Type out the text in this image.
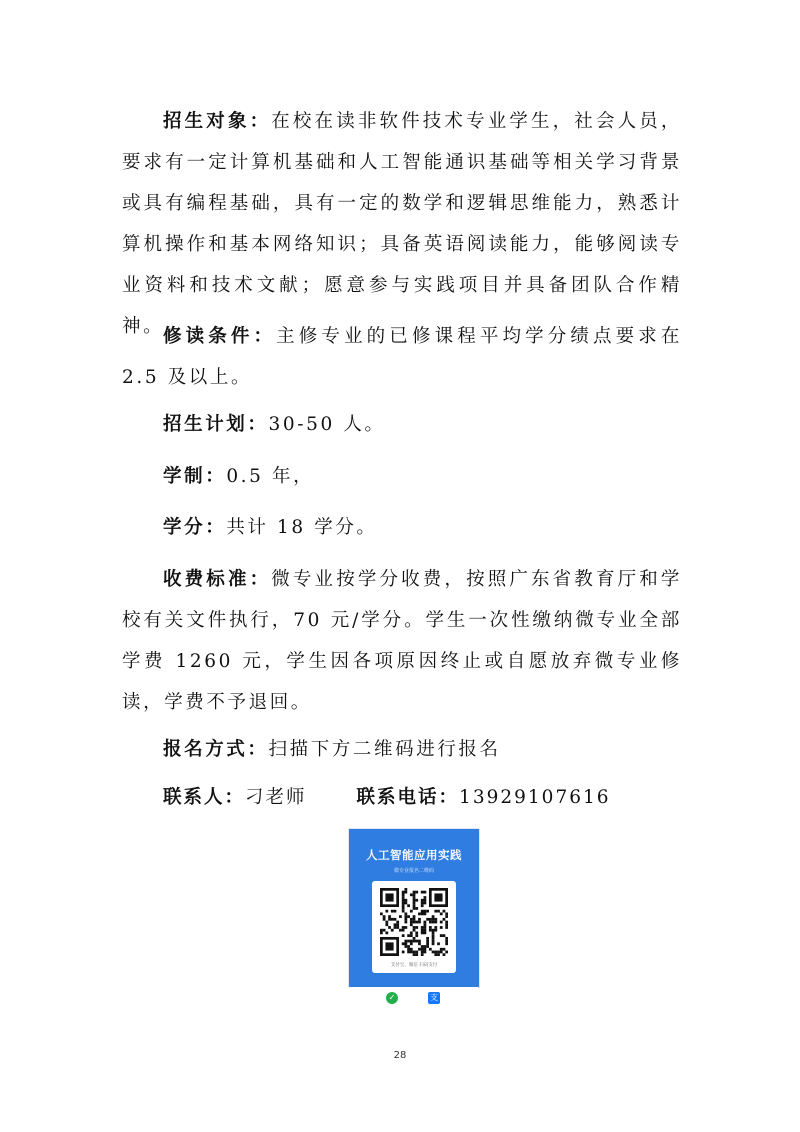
招生对象：在校在读非软件技术专业学生，社会人员，要求有一定计算机基础和人工智能通识基础等相关学习背景或具有编程基础，具有一定的数学和逻辑思维能力，熟悉计算机操作和基本网络知识；具备英语阅读能力，能够阅读专业资料和技术文献；愿意参与实践项目并具备团队合作精神。
修读条件：主修专业的已修课程平均学分绩点要求在 2.5 及以上。
招生计划：30-50 人。
学制：0.5 年，
学分：共计 18 学分。
收费标准：微专业按学分收费，按照广东省教育厅和学校有关文件执行，70 元/学分。学生一次性缴纳微专业全部学费 1260 元，学生因各项原因终止或自愿放弃微专业修读，学费不予退回。
报名方式：扫描下方二维码进行报名
联系人：刁老师	联系电话：13929107616
人工智能应用实践
微专业报名二维码
支付宝、微信 扫码支付
✓	支
28
